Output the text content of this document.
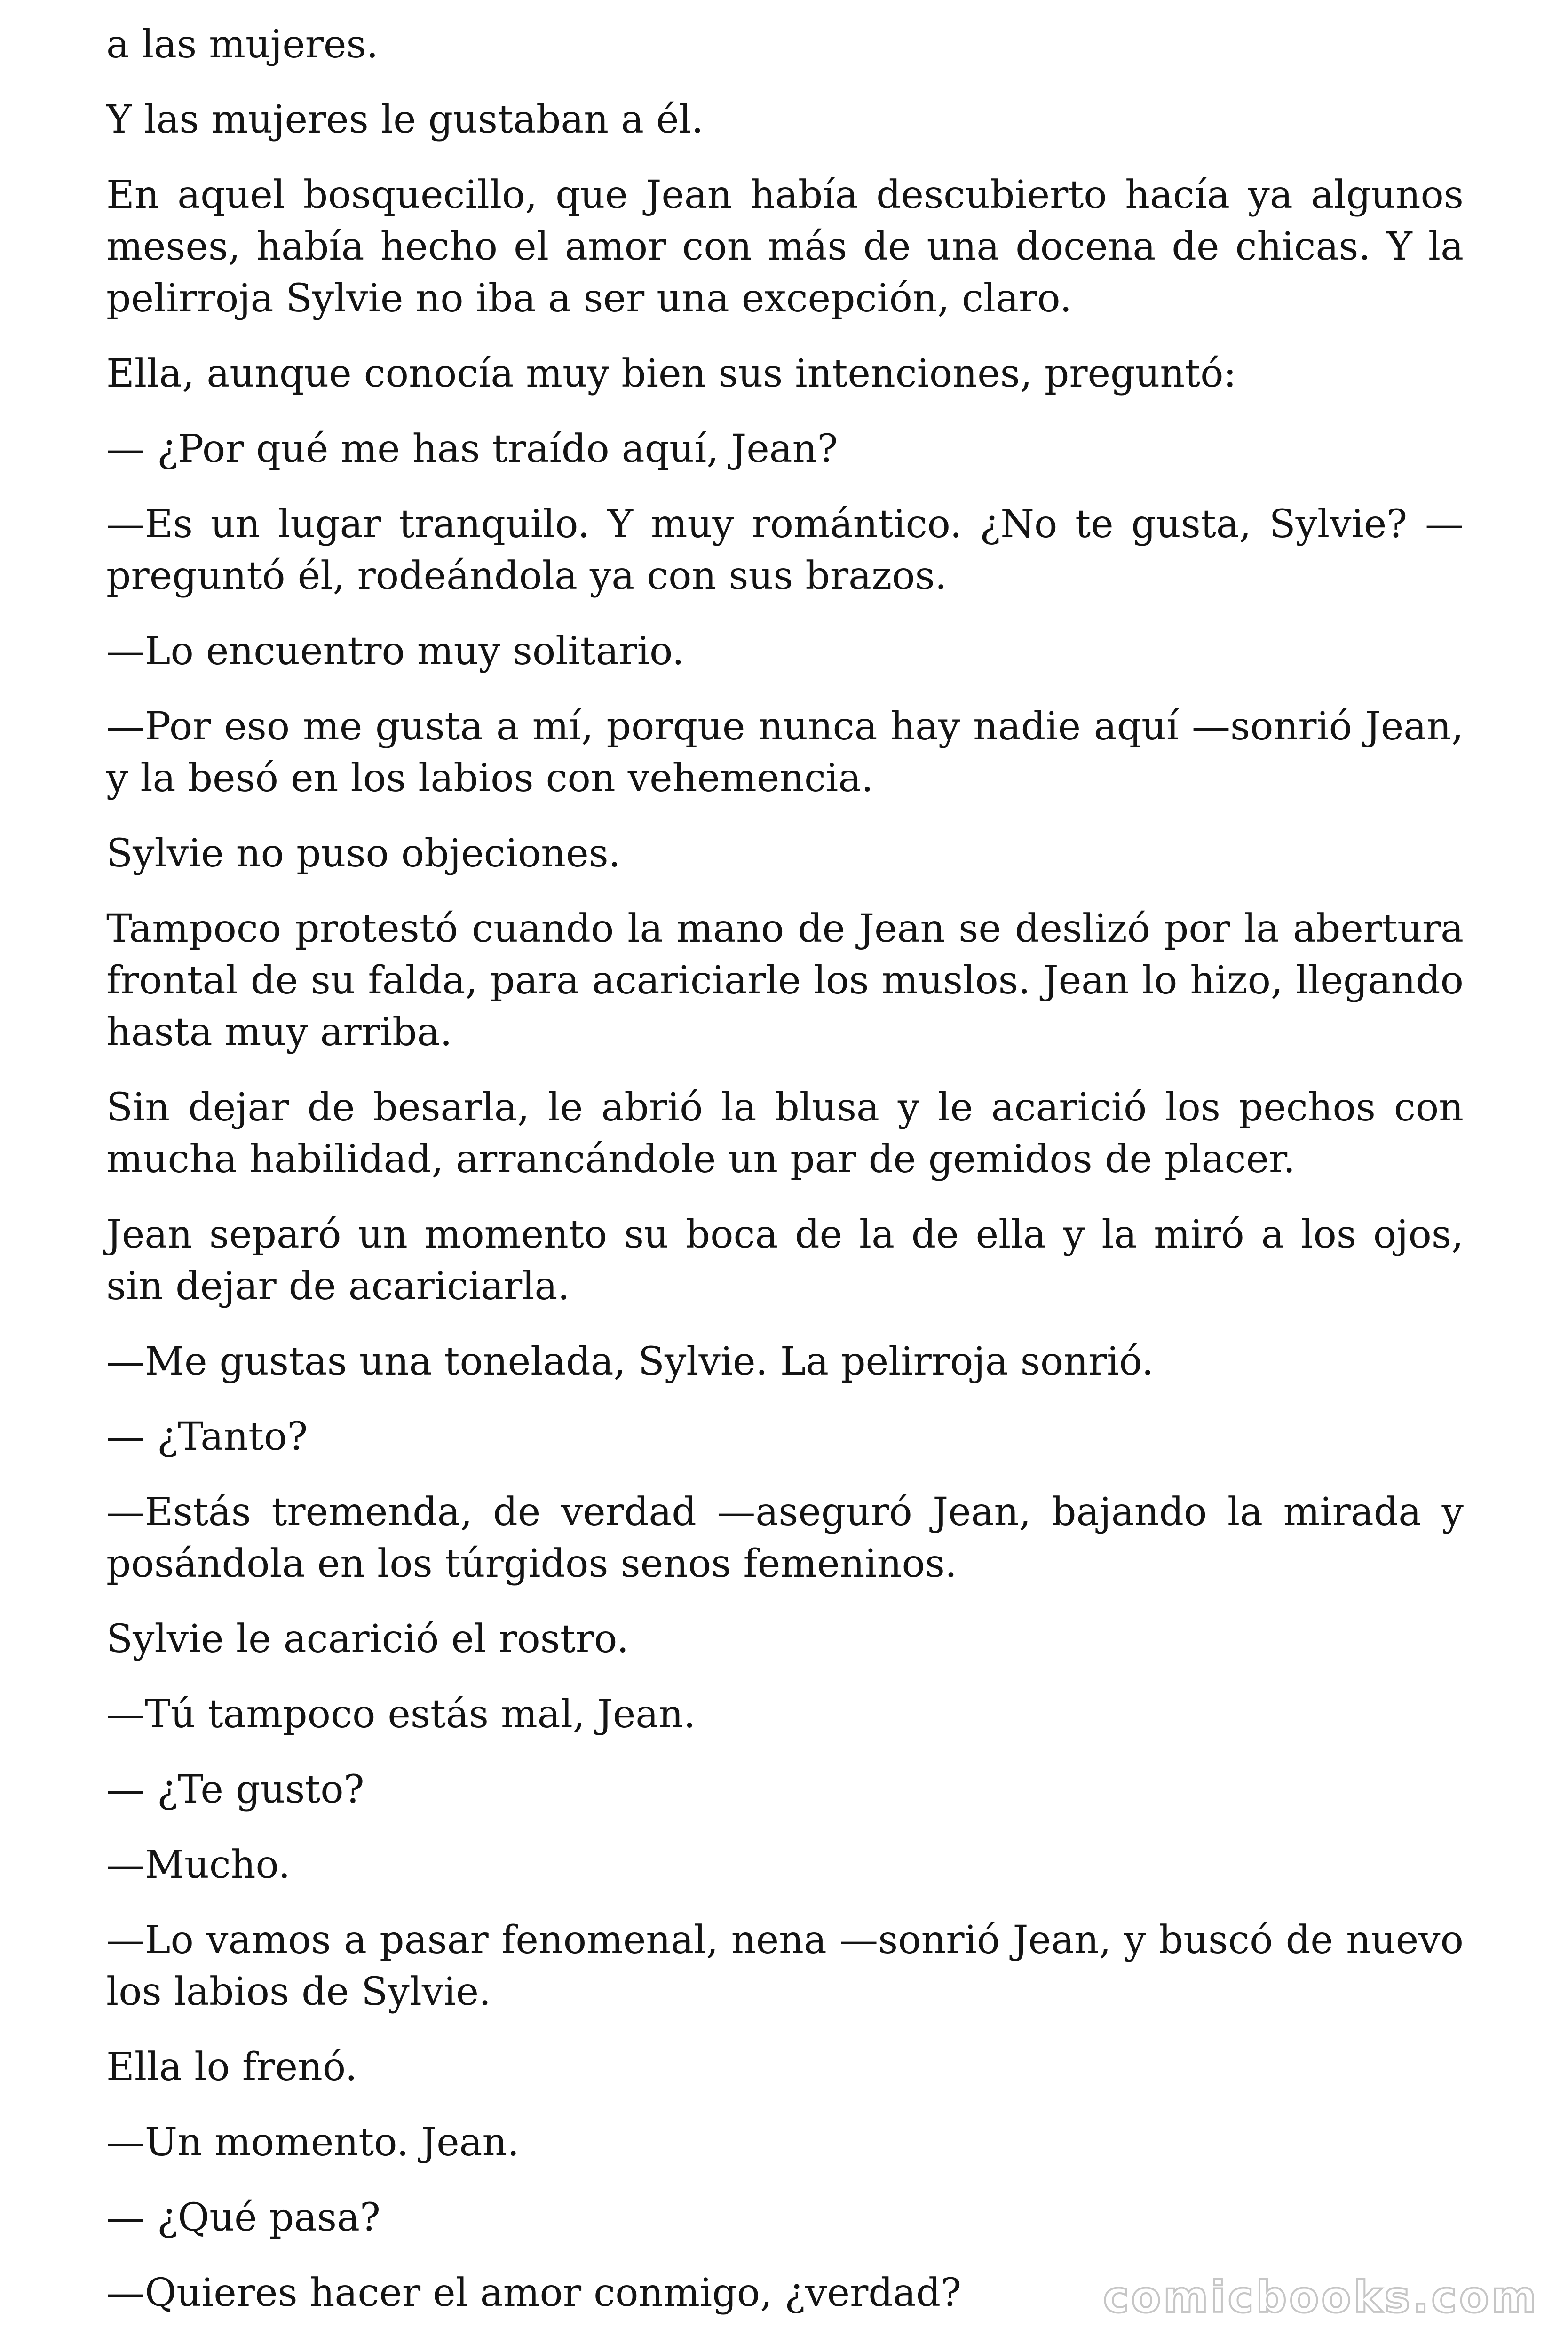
a las mujeres.

Y las mujeres le gustaban a él.

En aquel bosquecillo, que Jean había descubierto hacía ya algunos meses, había hecho el amor con más de una docena de chicas. Y la pelirroja Sylvie no iba a ser una excepción, claro.

Ella, aunque conocía muy bien sus intenciones, preguntó:

— ¿Por qué me has traído aquí, Jean?

—Es un lugar tranquilo. Y muy romántico. ¿No te gusta, Sylvie? —preguntó él, rodeándola ya con sus brazos.

—Lo encuentro muy solitario.

—Por eso me gusta a mí, porque nunca hay nadie aquí —sonrió Jean, y la besó en los labios con vehemencia.

Sylvie no puso objeciones.

Tampoco protestó cuando la mano de Jean se deslizó por la abertura frontal de su falda, para acariciarle los muslos. Jean lo hizo, llegando hasta muy arriba.

Sin dejar de besarla, le abrió la blusa y le acarició los pechos con mucha habilidad, arrancándole un par de gemidos de placer.

Jean separó un momento su boca de la de ella y la miró a los ojos, sin dejar de acariciarla.

—Me gustas una tonelada, Sylvie. La pelirroja sonrió.

— ¿Tanto?

—Estás tremenda, de verdad —aseguró Jean, bajando la mirada y posándola en los túrgidos senos femeninos.

Sylvie le acarició el rostro.

—Tú tampoco estás mal, Jean.

— ¿Te gusto?

—Mucho.

—Lo vamos a pasar fenomenal, nena —sonrió Jean, y buscó de nuevo los labios de Sylvie.

Ella lo frenó.

—Un momento. Jean.

— ¿Qué pasa?

—Quieres hacer el amor conmigo, ¿verdad?	comicbooks.com
